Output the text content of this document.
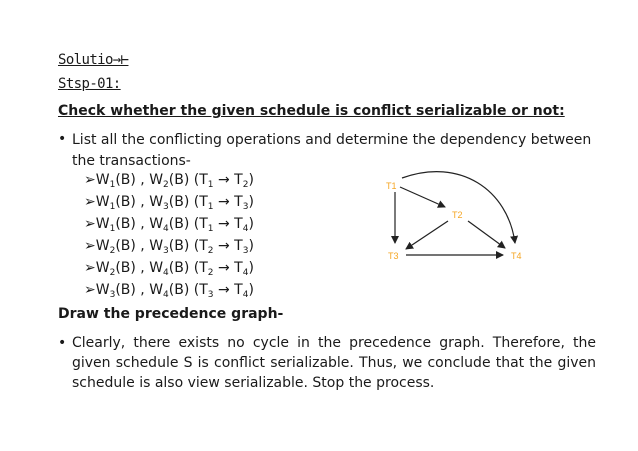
Solutio→⊢
Stsp-01:
Check whether the given schedule is conflict serializable or not:
• List all the conflicting operations and determine the dependency between
the transactions-
$➢W_1(B)$ , $W_2(B) (T_1 \to T_2)$
$➢W_1(B)$ , $W_3(B) (T_1 \to T_3)$
$➢W_1(B)$ , $W_4(B) (T_1 \to T_4)$
$➢W_2(B)$ , $W_3(B) (T_2 \to T_3)$
$➢W_2(B)$ , $W_4(B) (T_2 \to T_4)$
$➢W_3(B)$ , $W_4(B) (T_3 \to T_4)$
Draw the precedence graph-
T1
T2
T3	T4
• Clearly, there exists no cycle in the precedence graph. Therefore, the given schedule S is conflict serializable. Thus, we conclude that the given schedule is also view serializable. Stop the process.
